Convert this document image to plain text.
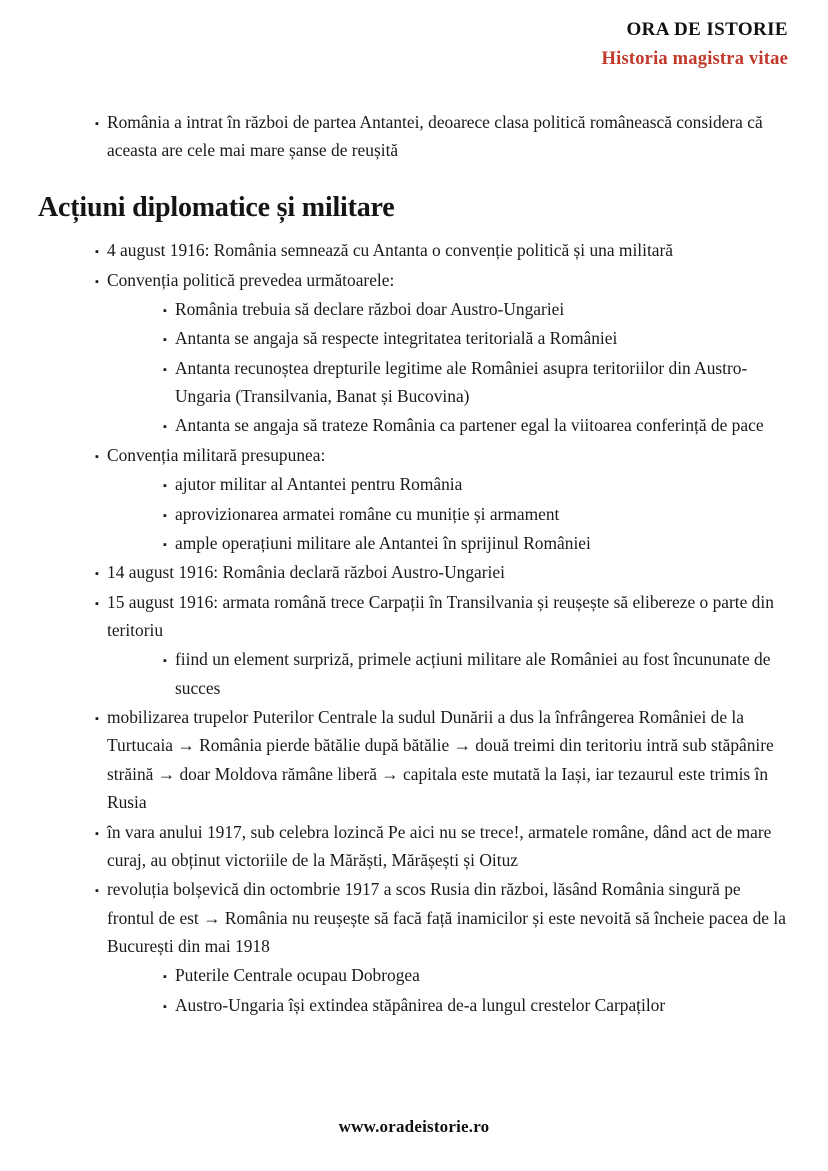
ORA DE ISTORIE
Historia magistra vitae
▪ România a intrat în război de partea Antantei, deoarece clasa politică românească considera că aceasta are cele mai mare șanse de reușită
Acțiuni diplomatice și militare
▪ 4 august 1916: România semnează cu Antanta o convenție politică și una militară
▪ Convenția politică prevedea următoarele:
▪ România trebuia să declare război doar Austro-Ungariei
▪ Antanta se angaja să respecte integritatea teritorială a României
▪ Antanta recunoștea drepturile legitime ale României asupra teritoriilor din Austro-Ungaria (Transilvania, Banat și Bucovina)
▪ Antanta se angaja să trateze România ca partener egal la viitoarea conferință de pace
▪ Convenția militară presupunea:
▪ ajutor militar al Antantei pentru România
▪ aprovizionarea armatei române cu muniție și armament
▪ ample operațiuni militare ale Antantei în sprijinul României
▪ 14 august 1916: România declară război Austro-Ungariei
▪ 15 august 1916: armata română trece Carpații în Transilvania și reușește să elibereze o parte din teritoriu
▪ fiind un element surpriză, primele acțiuni militare ale României au fost încununate de succes
▪ mobilizarea trupelor Puterilor Centrale la sudul Dunării a dus la înfrângerea României de la Turtucaia → România pierde bătălie după bătălie → două treimi din teritoriu intră sub stăpânire străină → doar Moldova rămâne liberă → capitala este mutată la Iași, iar tezaurul este trimis în Rusia
▪ în vara anului 1917, sub celebra lozincă Pe aici nu se trece!, armatele române, dând act de mare curaj, au obținut victoriile de la Mărăști, Mărășești și Oituz
▪ revoluția bolșevică din octombrie 1917 a scos Rusia din război, lăsând România singură pe frontul de est → România nu reușește să facă față inamicilor și este nevoită să încheie pacea de la București din mai 1918
▪ Puterile Centrale ocupau Dobrogea
▪ Austro-Ungaria își extindea stăpânirea de-a lungul crestelor Carpaților
www.oradeistorie.ro
